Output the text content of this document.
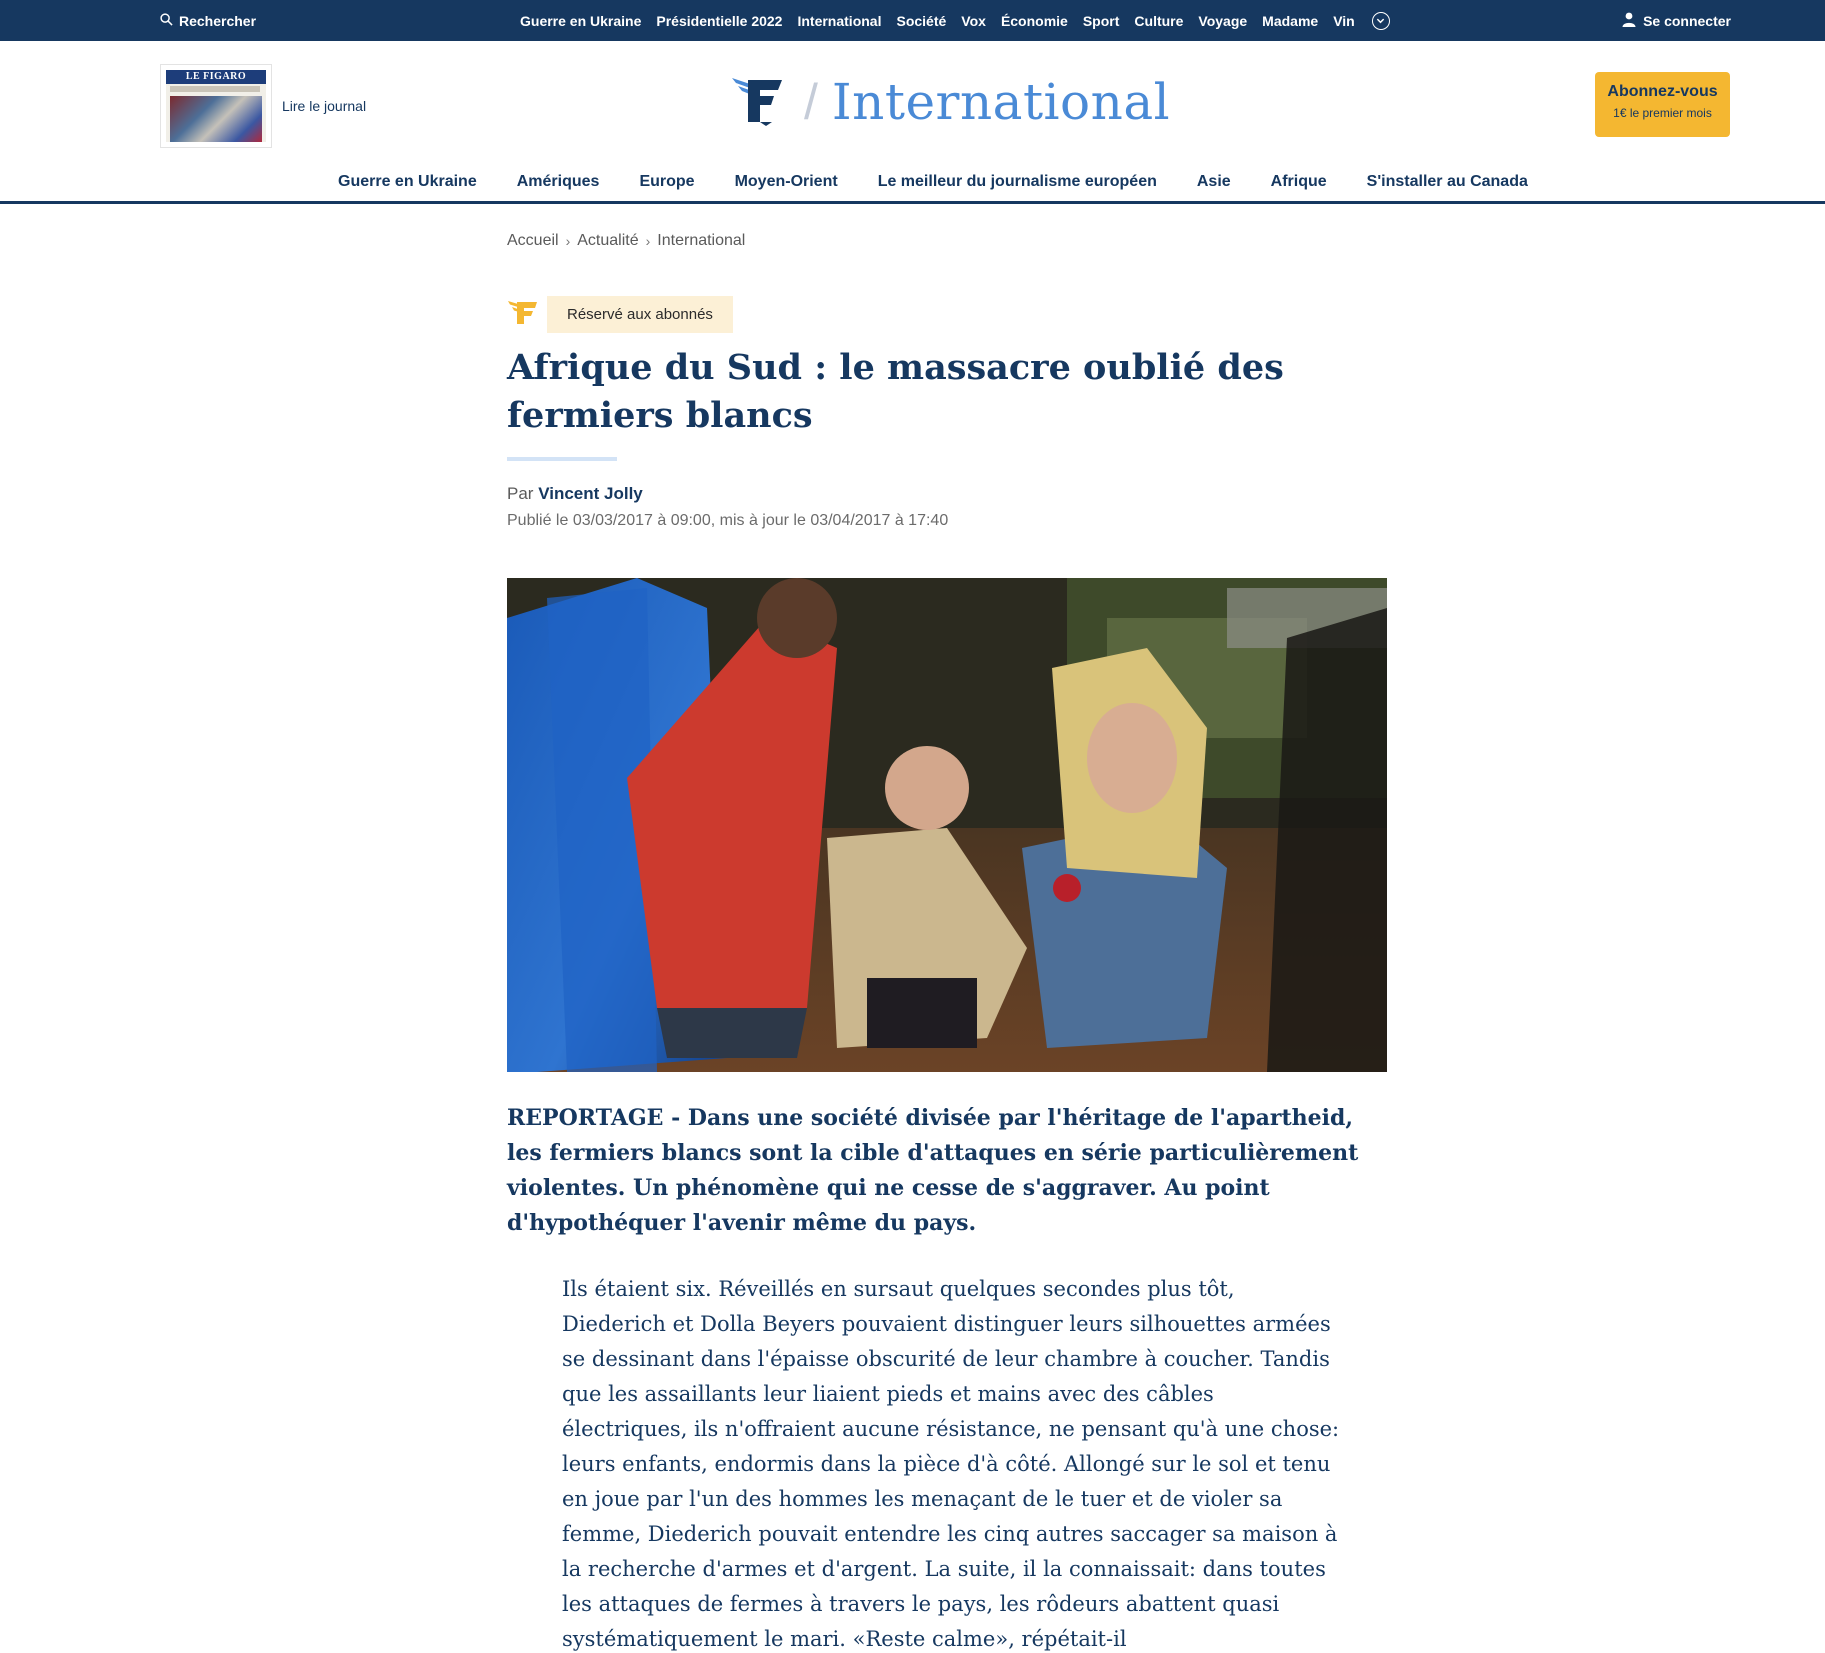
Rechercher	Guerre en Ukraine Présidentielle 2022 International Société Vox Économie Sport Culture Voyage Madame Vin	Se connecter
LE FIGARO
Lire le journal	/ International	Abonnez-vous
1€ le premier mois
Guerre en Ukraine	Amériques	Europe	Moyen-Orient	Le meilleur du journalisme européen	Asie	Afrique	S'installer au Canada
Accueil › Actualité › International
Réservé aux abonnés
Afrique du Sud : le massacre oublié des fermiers blancs
Par Vincent Jolly
Publié le 03/03/2017 à 09:00, mis à jour le 03/04/2017 à 17:40

REPORTAGE - Dans une société divisée par l'héritage de l'apartheid, les fermiers blancs sont la cible d'attaques en série particulièrement violentes. Un phénomène qui ne cesse de s'aggraver. Au point d'hypothéquer l'avenir même du pays.

Ils étaient six. Réveillés en sursaut quelques secondes plus tôt, Diederich et Dolla Beyers pouvaient distinguer leurs silhouettes armées se dessinant dans l'épaisse obscurité de leur chambre à coucher. Tandis que les assaillants leur liaient pieds et mains avec des câbles électriques, ils n'offraient aucune résistance, ne pensant qu'à une chose: leurs enfants, endormis dans la pièce d'à côté. Allongé sur le sol et tenu en joue par l'un des hommes les menaçant de le tuer et de violer sa femme, Diederich pouvait entendre les cinq autres saccager sa maison à la recherche d'armes et d'argent. La suite, il la connaissait: dans toutes les attaques de fermes à travers le pays, les rôdeurs abattent quasi systématiquement le mari. «Reste calme», répétait-il
